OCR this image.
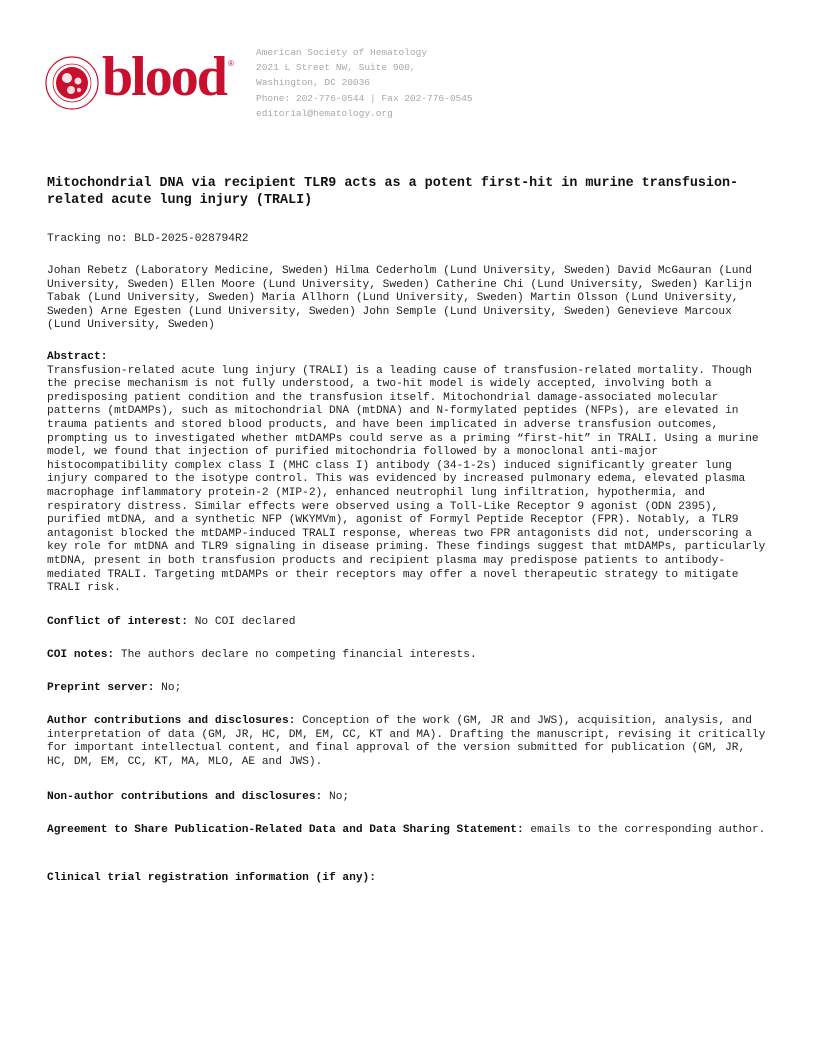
blood ®
American Society of Hematology
2021 L Street NW, Suite 900,
Washington, DC 20036
Phone: 202-776-0544 | Fax 202-776-0545
editorial@hematology.org
Mitochondrial DNA via recipient TLR9 acts as a potent first-hit in murine transfusion-related acute lung injury (TRALI)
Tracking no: BLD-2025-028794R2
Johan Rebetz (Laboratory Medicine, Sweden) Hilma Cederholm (Lund University, Sweden) David McGauran (Lund University, Sweden) Ellen Moore (Lund University, Sweden) Catherine Chi (Lund University, Sweden) Karlijn Tabak (Lund University, Sweden) Maria Allhorn (Lund University, Sweden) Martin Olsson (Lund University, Sweden) Arne Egesten (Lund University, Sweden) John Semple (Lund University, Sweden) Genevieve Marcoux (Lund University, Sweden)
Abstract:
Transfusion-related acute lung injury (TRALI) is a leading cause of transfusion-related mortality. Though the precise mechanism is not fully understood, a two-hit model is widely accepted, involving both a predisposing patient condition and the transfusion itself. Mitochondrial damage-associated molecular patterns (mtDAMPs), such as mitochondrial DNA (mtDNA) and N-formylated peptides (NFPs), are elevated in trauma patients and stored blood products, and have been implicated in adverse transfusion outcomes, prompting us to investigated whether mtDAMPs could serve as a priming “first-hit” in TRALI. Using a murine model, we found that injection of purified mitochondria followed by a monoclonal anti-major histocompatibility complex class I (MHC class I) antibody (34-1-2s) induced significantly greater lung injury compared to the isotype control. This was evidenced by increased pulmonary edema, elevated plasma macrophage inflammatory protein-2 (MIP-2), enhanced neutrophil lung infiltration, hypothermia, and respiratory distress. Similar effects were observed using a Toll-Like Receptor 9 agonist (ODN 2395), purified mtDNA, and a synthetic NFP (WKYMVm), agonist of Formyl Peptide Receptor (FPR). Notably, a TLR9 antagonist blocked the mtDAMP-induced TRALI response, whereas two FPR antagonists did not, underscoring a key role for mtDNA and TLR9 signaling in disease priming. These findings suggest that mtDAMPs, particularly mtDNA, present in both transfusion products and recipient plasma may predispose patients to antibody-mediated TRALI. Targeting mtDAMPs or their receptors may offer a novel therapeutic strategy to mitigate TRALI risk.
Conflict of interest: No COI declared
COI notes: The authors declare no competing financial interests.
Preprint server: No;
Author contributions and disclosures: Conception of the work (GM, JR and JWS), acquisition, analysis, and interpretation of data (GM, JR, HC, DM, EM, CC, KT and MA). Drafting the manuscript, revising it critically for important intellectual content, and final approval of the version submitted for publication (GM, JR, HC, DM, EM, CC, KT, MA, MLO, AE and JWS).
Non-author contributions and disclosures: No;
Agreement to Share Publication-Related Data and Data Sharing Statement: emails to the corresponding author.
Clinical trial registration information (if any):
